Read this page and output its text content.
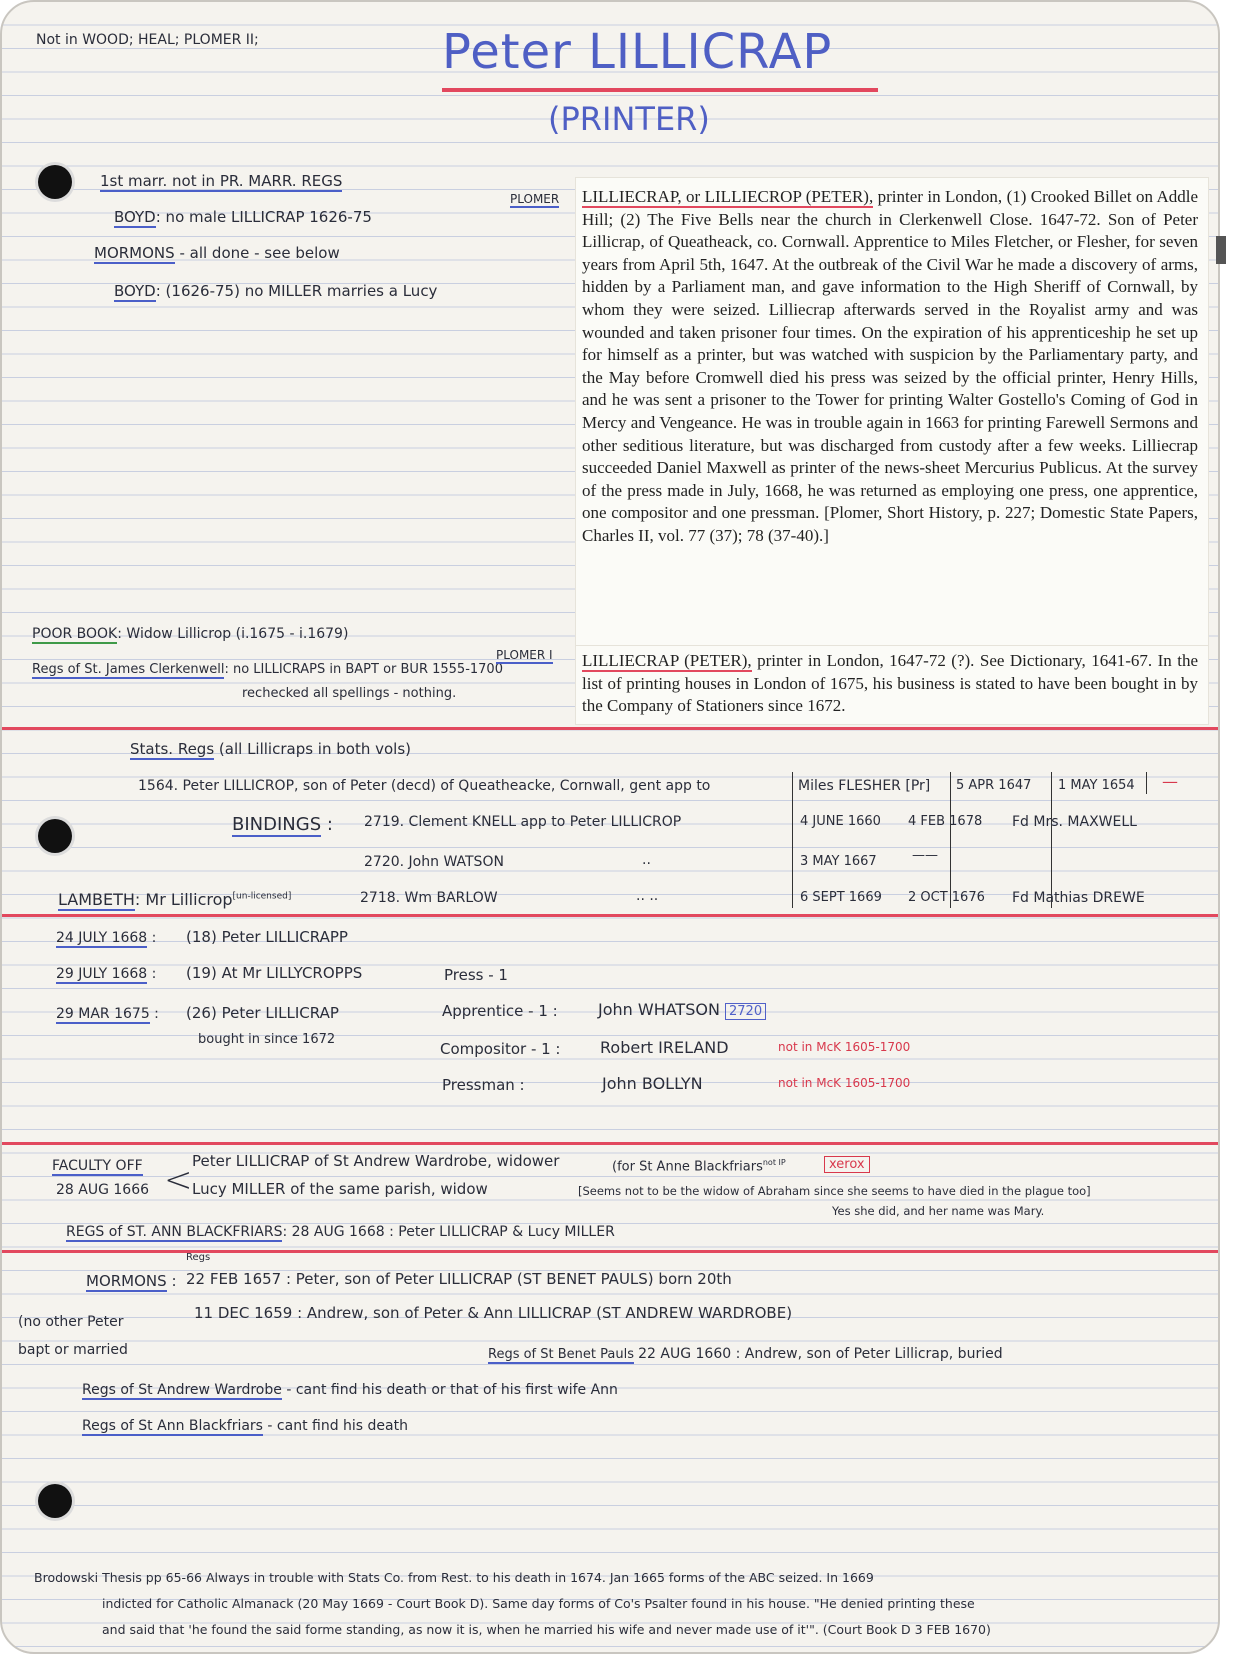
Not in WOOD; HEAL; PLOMER II;	Peter LILLICRAP
(PRINTER)
1st marr. not in PR. MARR. REGS
BOYD: no male LILLICRAP 1626-75
MORMONS - all done - see below
BOYD: (1626-75) no MILLER marries a Lucy
PLOMER LILLIECRAP, or LILLIECROP (PETER), printer in London, (1) Crooked Billet on Addle Hill; (2) The Five Bells near the church in Clerkenwell Close. 1647-72. Son of Peter Lillicrap, of Queatheack, co. Cornwall. Apprentice to Miles Fletcher, or Flesher, for seven years from April 5th, 1647. At the outbreak of the Civil War he made a discovery of arms, hidden by a Parliament man, and gave information to the High Sheriff of Cornwall, by whom they were seized. Lilliecrap afterwards served in the Royalist army and was wounded and taken prisoner four times. On the expiration of his apprenticeship he set up for himself as a printer, but was watched with suspicion by the Parliamentary party, and the May before Cromwell died his press was seized by the official printer, Henry Hills, and he was sent a prisoner to the Tower for printing Walter Gostello's Coming of God in Mercy and Vengeance. He was in trouble again in 1663 for printing Farewell Sermons and other seditious literature, but was discharged from custody after a few weeks. Lilliecrap succeeded Daniel Maxwell as printer of the news-sheet Mercurius Publicus. At the survey of the press made in July, 1668, he was returned as employing one press, one apprentice, one compositor and one pressman. [Plomer, Short History, p. 227; Domestic State Papers, Charles II, vol. 77 (37); 78 (37-40).]

POOR BOOK: Widow Lillicrop (i.1675 - i.1679)
Regs of St. James Clerkenwell: no LILLICRAPS in BAPT or BUR 1555-1700
rechecked all spellings - nothing.
PLOMER I LILLIECRAP (PETER), printer in London, 1647-72 (?). See Dictionary, 1641-67. In the list of printing houses in London of 1675, his business is stated to have been bought in by the Company of Stationers since 1672.

Stats. Regs (all Lillicraps in both vols)
1564. Peter LILLICROP, son of Peter (decd) of Queatheacke, Cornwall, gent app to	Miles FLESHER [Pr] 5 APR 1647 1 MAY 1654 —
BINDINGS : 2719. Clement KNELL app to Peter LILLICROP	4 JUNE 1660 4 FEB 1678 Fd Mrs. MAXWELL
2720. John WATSON	..	3 MAY 1667	——
LAMBETH: Mr Lillicrop[un-licensed]	2718. Wm BARLOW	.. ..	6 SEPT 1669 2 OCT 1676 Fd Mathias DREWE
24 JULY 1668 : (18) Peter LILLICRAPP
29 JULY 1668 : (19) At Mr LILLYCROPPS	Press - 1
29 MAR 1675 : (26) Peter LILLICRAP
bought in since 1672
Apprentice - 1 :	John WHATSON 2720
Compositor - 1 : Robert IRELAND	not in McK 1605-1700
Pressman :	John BOLLYN	not in McK 1605-1700
FACULTY OFF
28 AUG 1666 < Peter LILLICRAP of St Andrew Wardrobe, widower
Lucy MILLER of the same parish, widow
(for St Anne Blackfriars$^{not IP}$	xerox
[Seems not to be the widow of Abraham since she seems to have died in the plague too]
Yes she did, and her name was Mary.
REGS of ST. ANN BLACKFRIARS: 28 AUG 1668 : Peter LILLICRAP & Lucy MILLER
MORMONS :
Regs
22 FEB 1657 : Peter, son of Peter LILLICRAP (ST BENET PAULS) born 20th
11 DEC 1659 : Andrew, son of Peter & Ann LILLICRAP (ST ANDREW WARDROBE)
(no other Peter bapt or married	Regs of St Benet Pauls 22 AUG 1660 : Andrew, son of Peter Lillicrap, buried
Regs of St Andrew Wardrobe - cant find his death or that of his first wife Ann
Regs of St Ann Blackfriars - cant find his death
Brodowski Thesis pp 65-66 Always in trouble with Stats Co. from Rest. to his death in 1674. Jan 1665 forms of the ABC seized. In 1669
indicted for Catholic Almanack (20 May 1669 - Court Book D). Same day forms of Co's Psalter found in his house. "He denied printing these
and said that 'he found the said forme standing, as now it is, when he married his wife and never made use of it'". (Court Book D 3 FEB 1670)
